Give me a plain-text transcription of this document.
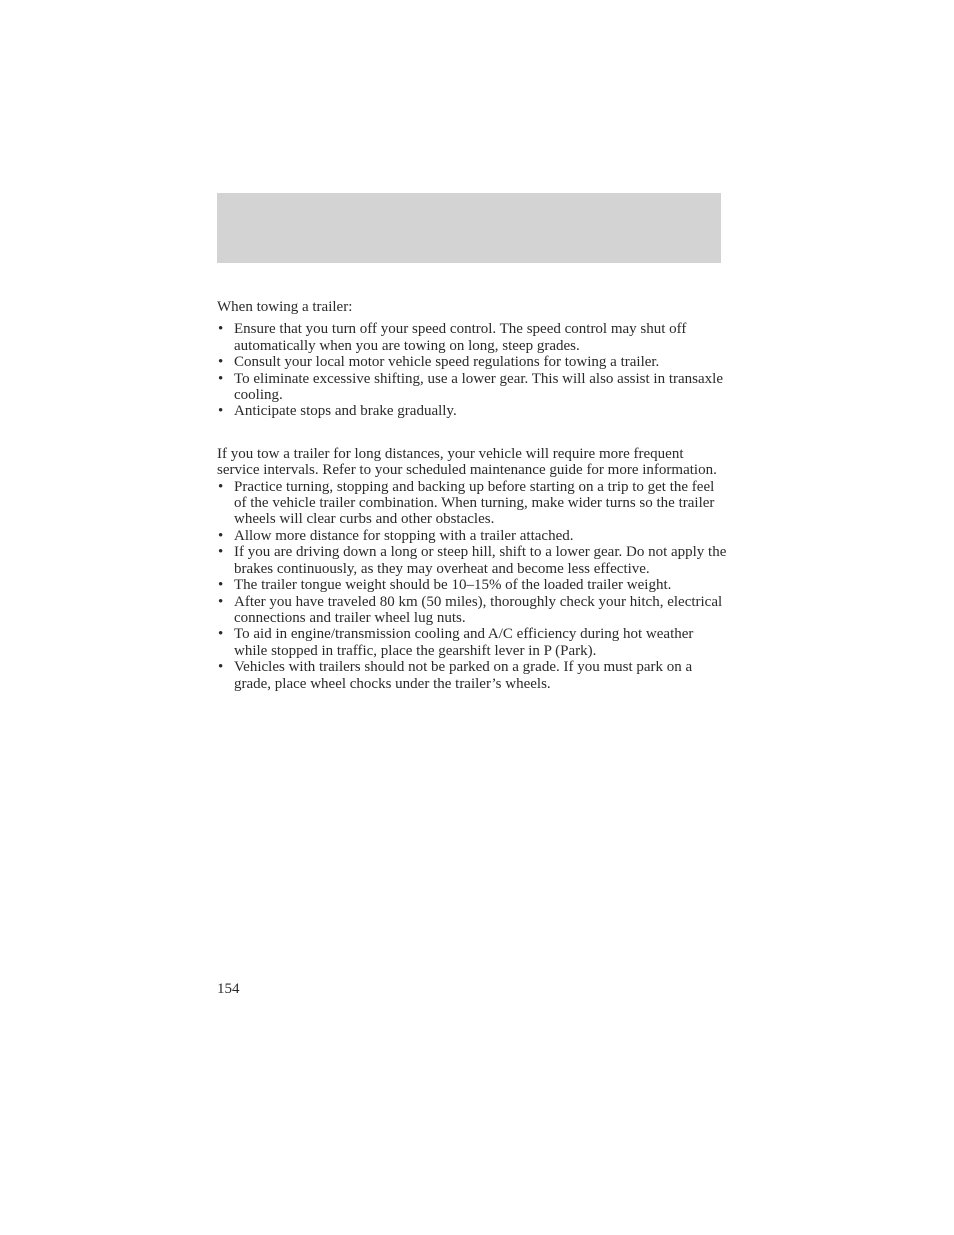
When towing a trailer:

• Ensure that you turn off your speed control. The speed control may shut off automatically when you are towing on long, steep grades.
• Consult your local motor vehicle speed regulations for towing a trailer.
• To eliminate excessive shifting, use a lower gear. This will also assist in transaxle cooling.
• Anticipate stops and brake gradually.

If you tow a trailer for long distances, your vehicle will require more frequent service intervals. Refer to your scheduled maintenance guide for more information.

• Practice turning, stopping and backing up before starting on a trip to get the feel of the vehicle trailer combination. When turning, make wider turns so the trailer wheels will clear curbs and other obstacles.
• Allow more distance for stopping with a trailer attached.
• If you are driving down a long or steep hill, shift to a lower gear. Do not apply the brakes continuously, as they may overheat and become less effective.
• The trailer tongue weight should be 10–15% of the loaded trailer weight.
• After you have traveled 80 km (50 miles), thoroughly check your hitch, electrical connections and trailer wheel lug nuts.
• To aid in engine/transmission cooling and A/C efficiency during hot weather while stopped in traffic, place the gearshift lever in P (Park).
• Vehicles with trailers should not be parked on a grade. If you must park on a grade, place wheel chocks under the trailer’s wheels.

154
